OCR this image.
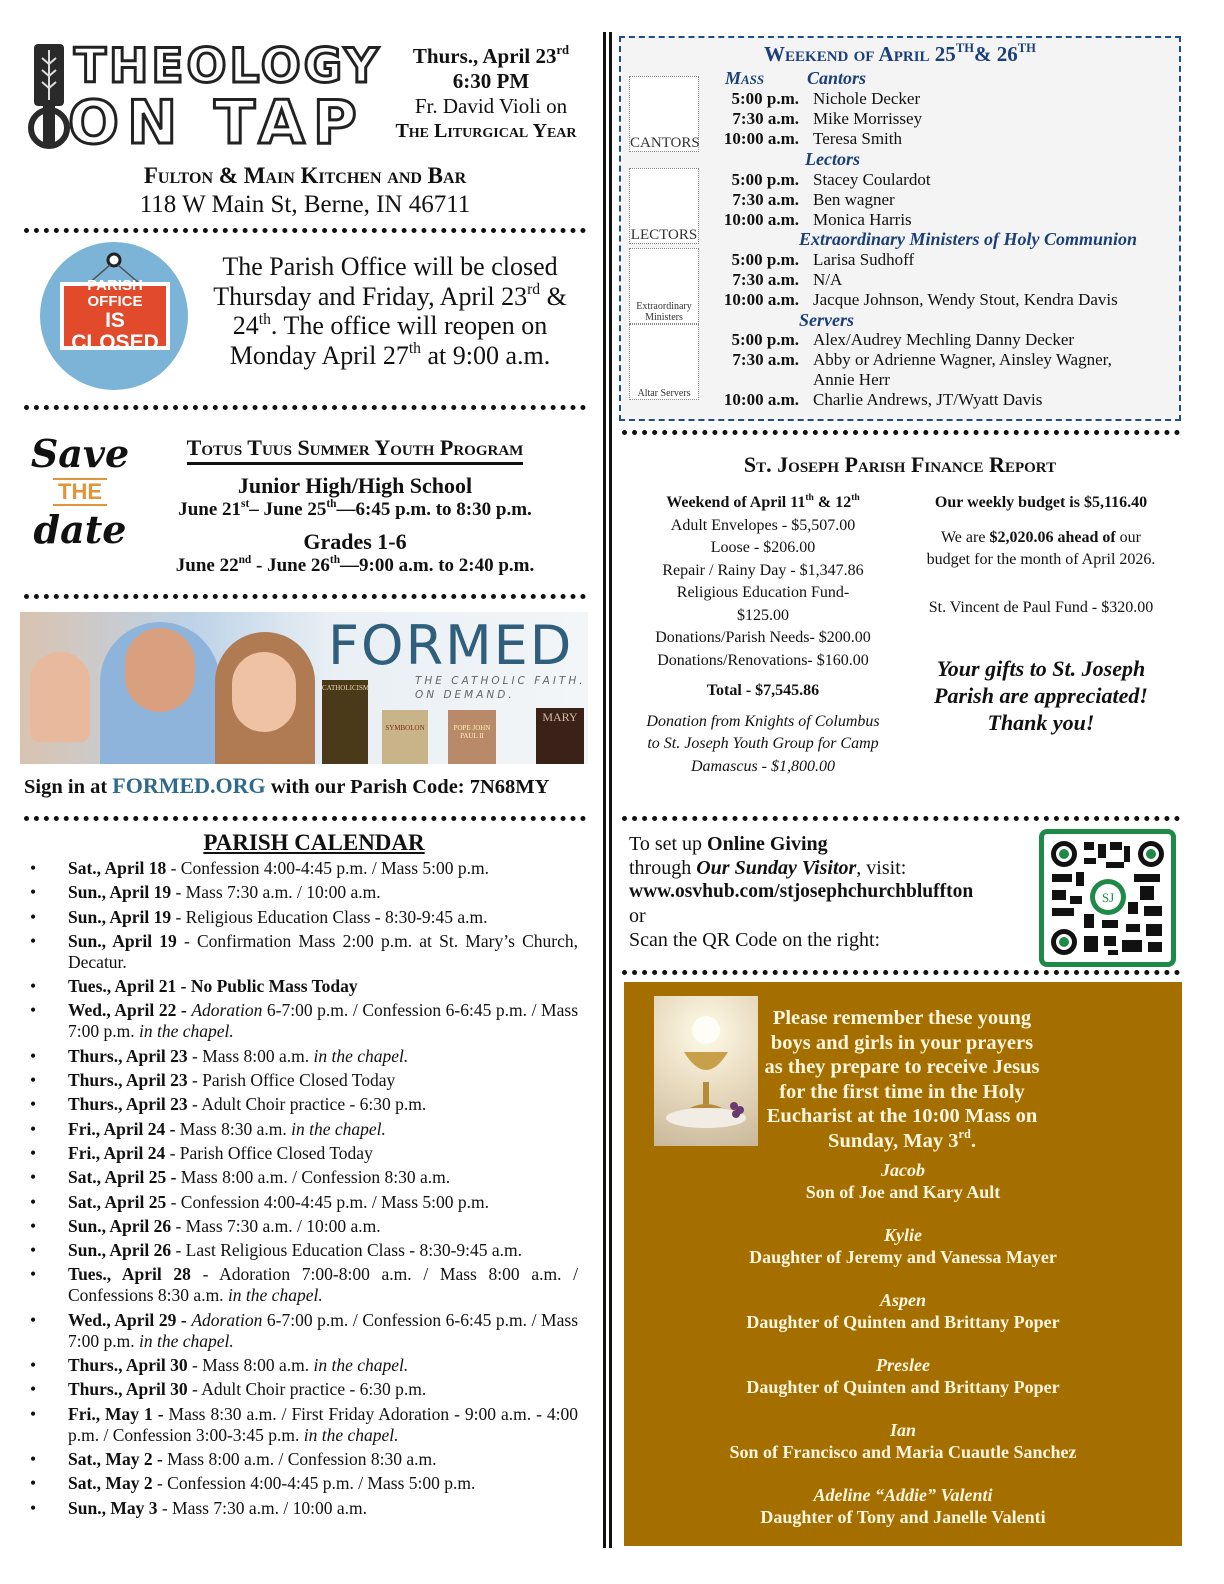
THEOLOGY
ON TAP
Thurs., April 23rd
6:30 PM
Fr. David Violi on
The Liturgical Year
Fulton & Main Kitchen and Bar
118 W Main St, Berne, IN 46711
PARISH OFFICE
IS CLOSED
The Parish Office will be closed Thursday and Friday, April 23rd & 24th. The office will reopen on Monday April 27th at 9:00 a.m.
Save
THE
date
Totus Tuus Summer Youth Program
Junior High/High School
June 21st– June 25th—6:45 p.m. to 8:30 p.m.
Grades 1-6
June 22nd - June 26th—9:00 a.m. to 2:40 p.m.
FORMED
THE CATHOLIC FAITH.
ON DEMAND.
CATHOLICISM
SYMBOLON	POPE JOHN PAUL II
MARY
Sign in at FORMED.ORG with our Parish Code: 7N68MY
PARISH CALENDAR
• Sat., April 18 - Confession 4:00-4:45 p.m. / Mass 5:00 p.m.
• Sun., April 19 - Mass 7:30 a.m. / 10:00 a.m.
• Sun., April 19 - Religious Education Class - 8:30-9:45 a.m.
• Sun., April 19 - Confirmation Mass 2:00 p.m. at St. Mary’s Church, Decatur.
• Tues., April 21 - No Public Mass Today
• Wed., April 22 - Adoration 6-7:00 p.m. / Confession 6-6:45 p.m. / Mass 7:00 p.m. in the chapel.
• Thurs., April 23 - Mass 8:00 a.m. in the chapel.
• Thurs., April 23 - Parish Office Closed Today
• Thurs., April 23 - Adult Choir practice - 6:30 p.m.
• Fri., April 24 - Mass 8:30 a.m. in the chapel.
• Fri., April 24 - Parish Office Closed Today
• Sat., April 25 - Mass 8:00 a.m. / Confession 8:30 a.m.
• Sat., April 25 - Confession 4:00-4:45 p.m. / Mass 5:00 p.m.
• Sun., April 26 - Mass 7:30 a.m. / 10:00 a.m.
• Sun., April 26 - Last Religious Education Class - 8:30-9:45 a.m.
• Tues., April 28 - Adoration 7:00-8:00 a.m. / Mass 8:00 a.m. / Confessions 8:30 a.m. in the chapel.
• Wed., April 29 - Adoration 6-7:00 p.m. / Confession 6-6:45 p.m. / Mass 7:00 p.m. in the chapel.
• Thurs., April 30 - Mass 8:00 a.m. in the chapel.
• Thurs., April 30 - Adult Choir practice - 6:30 p.m.
• Fri., May 1 - Mass 8:30 a.m. / First Friday Adoration - 9:00 a.m. - 4:00 p.m. / Confession 3:00-3:45 p.m. in the chapel.
• Sat., May 2 - Mass 8:00 a.m. / Confession 8:30 a.m.
• Sat., May 2 - Confession 4:00-4:45 p.m. / Mass 5:00 p.m.
• Sun., May 3 - Mass 7:30 a.m. / 10:00 a.m.
Weekend of April 25TH& 26TH
Mass Cantors
CANTORS
5:00 p.m. Nichole Decker
7:30 a.m. Mike Morrissey
10:00 a.m. Teresa Smith
Lectors
LECTORS
5:00 p.m. Stacey Coulardot
7:30 a.m. Ben wagner
10:00 a.m. Monica Harris
Extraordinary Ministers of Holy Communion
Extraordinary Ministers
5:00 p.m. Larisa Sudhoff
7:30 a.m. N/A
10:00 a.m. Jacque Johnson, Wendy Stout, Kendra Davis
Servers
Altar Servers
5:00 p.m. Alex/Audrey Mechling Danny Decker
7:30 a.m. Abby or Adrienne Wagner, Ainsley Wagner,
Annie Herr
10:00 a.m. Charlie Andrews, JT/Wyatt Davis
St. Joseph Parish Finance Report
Weekend of April 11th & 12th
Adult Envelopes - $5,507.00
Loose - $206.00
Repair / Rainy Day - $1,347.86
Religious Education Fund-
$125.00
Donations/Parish Needs- $200.00
Donations/Renovations- $160.00
Total - $7,545.86
Donation from Knights of Columbus to St. Joseph Youth Group for Camp Damascus - $1,800.00
Our weekly budget is $5,116.40
We are $2,020.06 ahead of our budget for the month of April 2026.
St. Vincent de Paul Fund - $320.00
Your gifts to St. Joseph Parish are appreciated! Thank you!
To set up Online Giving
through Our Sunday Visitor, visit:
www.osvhub.com/stjosephchurchbluffton
or
Scan the QR Code on the right:
SJ
Please remember these young boys and girls in your prayers as they prepare to receive Jesus for the first time in the Holy Eucharist at the 10:00 Mass on Sunday, May 3rd.
Jacob
Son of Joe and Kary Ault
Kylie
Daughter of Jeremy and Vanessa Mayer
Aspen
Daughter of Quinten and Brittany Poper
Preslee
Daughter of Quinten and Brittany Poper
Ian
Son of Francisco and Maria Cuautle Sanchez
Adeline “Addie” Valenti
Daughter of Tony and Janelle Valenti
